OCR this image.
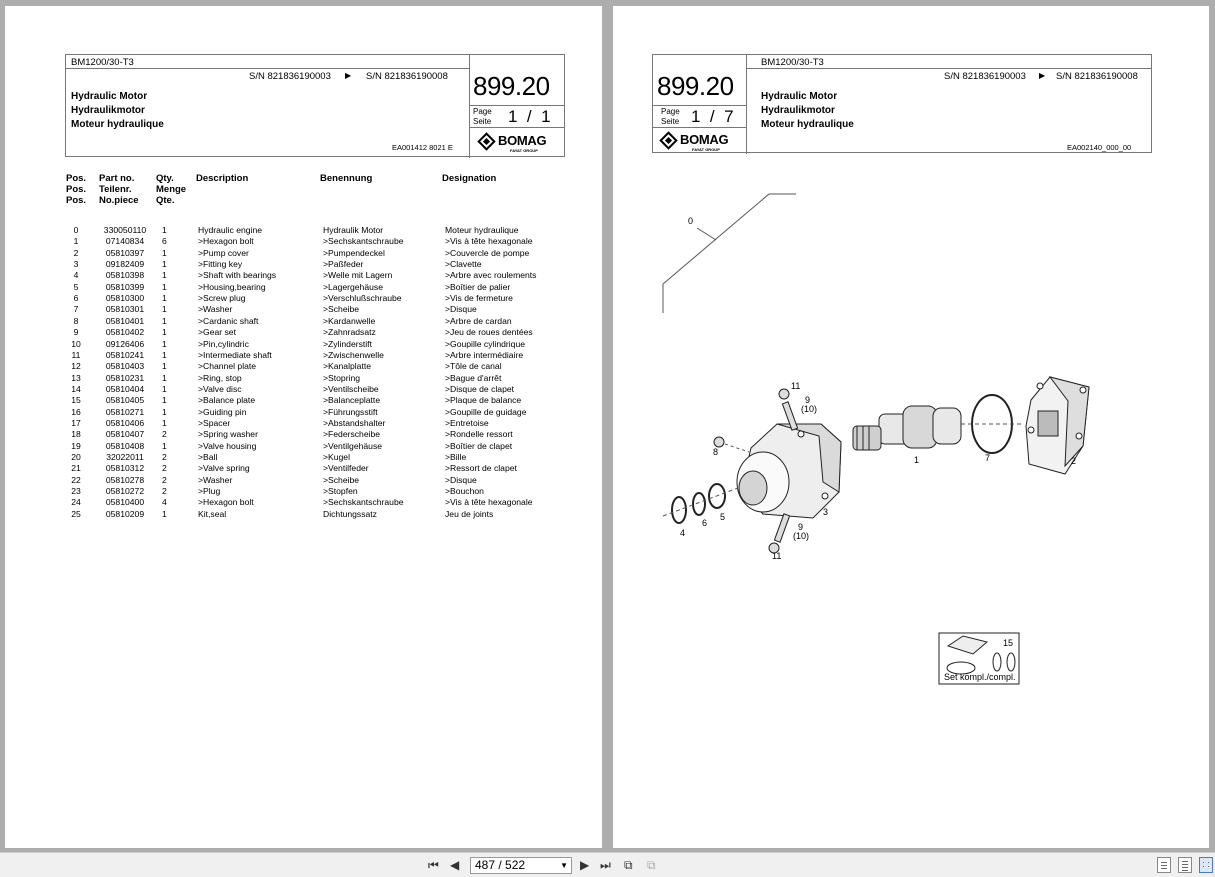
BM1200/30-T3
S/N 821836190003 ▶ S/N 821836190008
Hydraulic Motor
Hydraulikmotor
Moteur hydraulique
EA001412 8021 E
899.20
Page
Seite 1  /  1
BOMAG
FAYAT GROUP
Pos.
Pos.
Pos.
Part no.
Teilenr.
No.piece
Qty.
Menge
Qte.
Description	Benennung	Designation
0	330050110	1	Hydraulic engine	Hydraulik Motor	Moteur hydraulique
1	07140834	6	>Hexagon bolt	>Sechskantschraube	>Vis à tête hexagonale
2	05810397	1	>Pump cover	>Pumpendeckel	>Couvercle de pompe
3	09182409	1	>Fitting key	>Paßfeder	>Clavette
4	05810398	1	>Shaft with bearings	>Welle mit Lagern	>Arbre avec roulements
5	05810399	1	>Housing,bearing	>Lagergehäuse	>Boîtier de palier
6	05810300	1	>Screw plug	>Verschlußschraube	>Vis de fermeture
7	05810301	1	>Washer	>Scheibe	>Disque
8	05810401	1	>Cardanic shaft	>Kardanwelle	>Arbre de cardan
9	05810402	1	>Gear set	>Zahnradsatz	>Jeu de roues dentées
10	09126406	1	>Pin,cylindric	>Zylinderstift	>Goupille cylindrique
11	05810241	1	>Intermediate shaft	>Zwischenwelle	>Arbre intermédiaire
12	05810403	1	>Channel plate	>Kanalplatte	>Tôle de canal
13	05810231	1	>Ring, stop	>Stopring	>Bague d'arrêt
14	05810404	1	>Valve disc	>Ventilscheibe	>Disque de clapet
15	05810405	1	>Balance plate	>Balanceplatte	>Plaque de balance
16	05810271	1	>Guiding pin	>Führungsstift	>Goupille de guidage
17	05810406	1	>Spacer	>Abstandshalter	>Entretoise
18	05810407	2	>Spring washer	>Federscheibe	>Rondelle ressort
19	05810408	1	>Valve housing	>Ventilgehäuse	>Boîtier de clapet
20	32022011	2	>Ball	>Kugel	>Bille
21	05810312	2	>Valve spring	>Ventilfeder	>Ressort de clapet
22	05810278	2	>Washer	>Scheibe	>Disque
23	05810272	2	>Plug	>Stopfen	>Bouchon
24	05810400	4	>Hexagon bolt	>Sechskantschraube	>Vis à tête hexagonale
25	05810209	1	Kit,seal	Dichtungssatz	Jeu de joints
899.20
Page
Seite 1  /  7
BOMAG
FAYAT GROUP
BM1200/30-T3
S/N 821836190003 ▶ S/N 821836190008
Hydraulic Motor
Hydraulikmotor
Moteur hydraulique
EA002140_000_00
0
1	2
3
4
5
6
7
8
9
(10)
9
(10)
11
11
15
Set kompl./compl.
⏮ ◀	487 / 522	▼ ▶ ⏭ ⧉ ⧉
